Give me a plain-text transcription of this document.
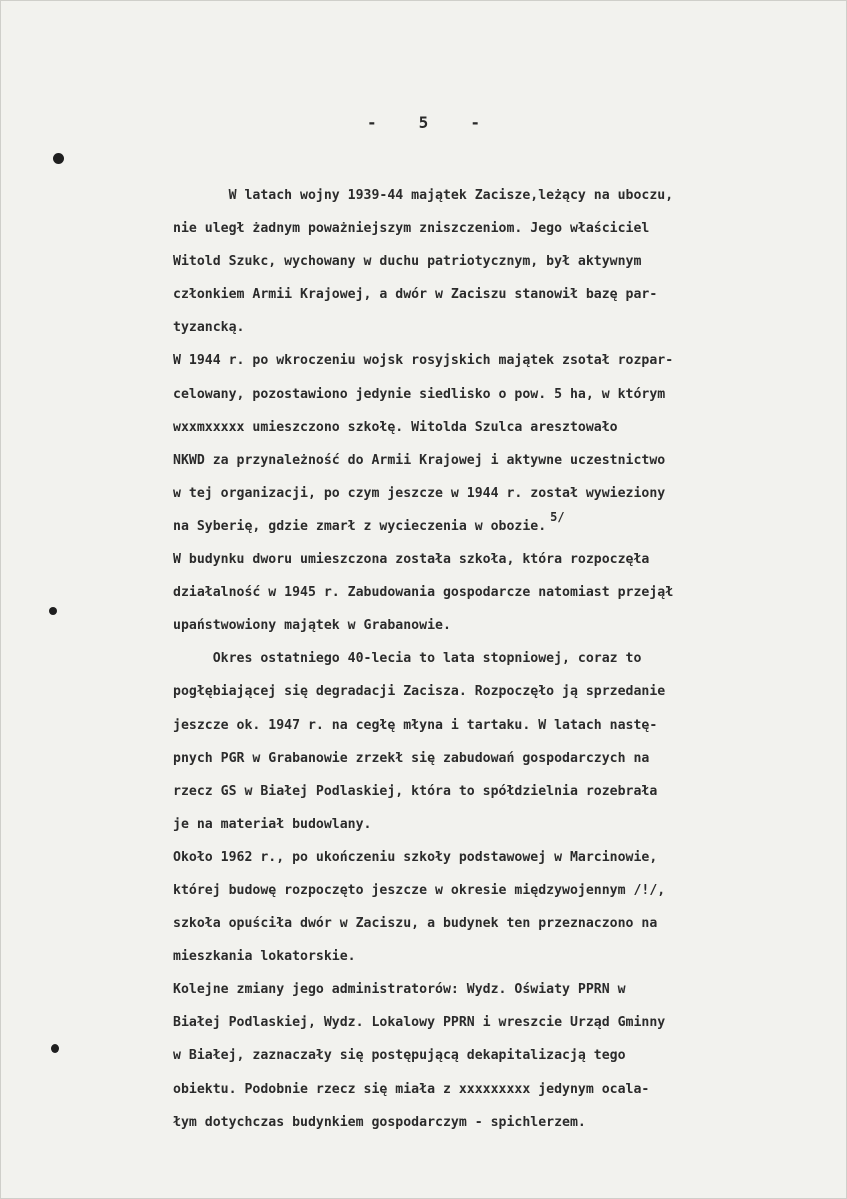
-	5	-
W latach wojny 1939-44 majątek Zacisze,leżący na uboczu,
nie uległ żadnym poważniejszym zniszczeniom. Jego właściciel
Witold Szukc, wychowany w duchu patriotycznym, był aktywnym
członkiem Armii Krajowej, a dwór w Zaciszu stanowił bazę par-
tyzancką.
W 1944 r. po wkroczeniu wojsk rosyjskich majątek zsotał rozpar-
celowany, pozostawiono jedynie siedlisko o pow. 5 ha, w którym
wxxmxxxxx umieszczono szkołę. Witolda Szulca aresztowało
NKWD za przynależność do Armii Krajowej i aktywne uczestnictwo
w tej organizacji, po czym jeszcze w 1944 r. został wywieziony
na Syberię, gdzie zmarł z wycieczenia w obozie.5/
W budynku dworu umieszczona została szkoła, która rozpoczęła
działalność w 1945 r. Zabudowania gospodarcze natomiast przejął
upaństwowiony majątek w Grabanowie.
Okres ostatniego 40-lecia to lata stopniowej, coraz to
pogłębiającej się degradacji Zacisza. Rozpoczęło ją sprzedanie
jeszcze ok. 1947 r. na cegłę młyna i tartaku. W latach nastę-
pnych PGR w Grabanowie zrzekł się zabudowań gospodarczych na
rzecz GS w Białej Podlaskiej, która to spółdzielnia rozebrała
je na materiał budowlany.
Około 1962 r., po ukończeniu szkoły podstawowej w Marcinowie,
której budowę rozpoczęto jeszcze w okresie międzywojennym /!/,
szkoła opuściła dwór w Zaciszu, a budynek ten przeznaczono na
mieszkania lokatorskie.
Kolejne zmiany jego administratorów: Wydz. Oświaty PPRN w
Białej Podlaskiej, Wydz. Lokalowy PPRN i wreszcie Urząd Gminny
w Białej, zaznaczały się postępującą dekapitalizacją tego
obiektu. Podobnie rzecz się miała z xxxxxxxxx jedynym ocala-
łym dotychczas budynkiem gospodarczym - spichlerzem.
